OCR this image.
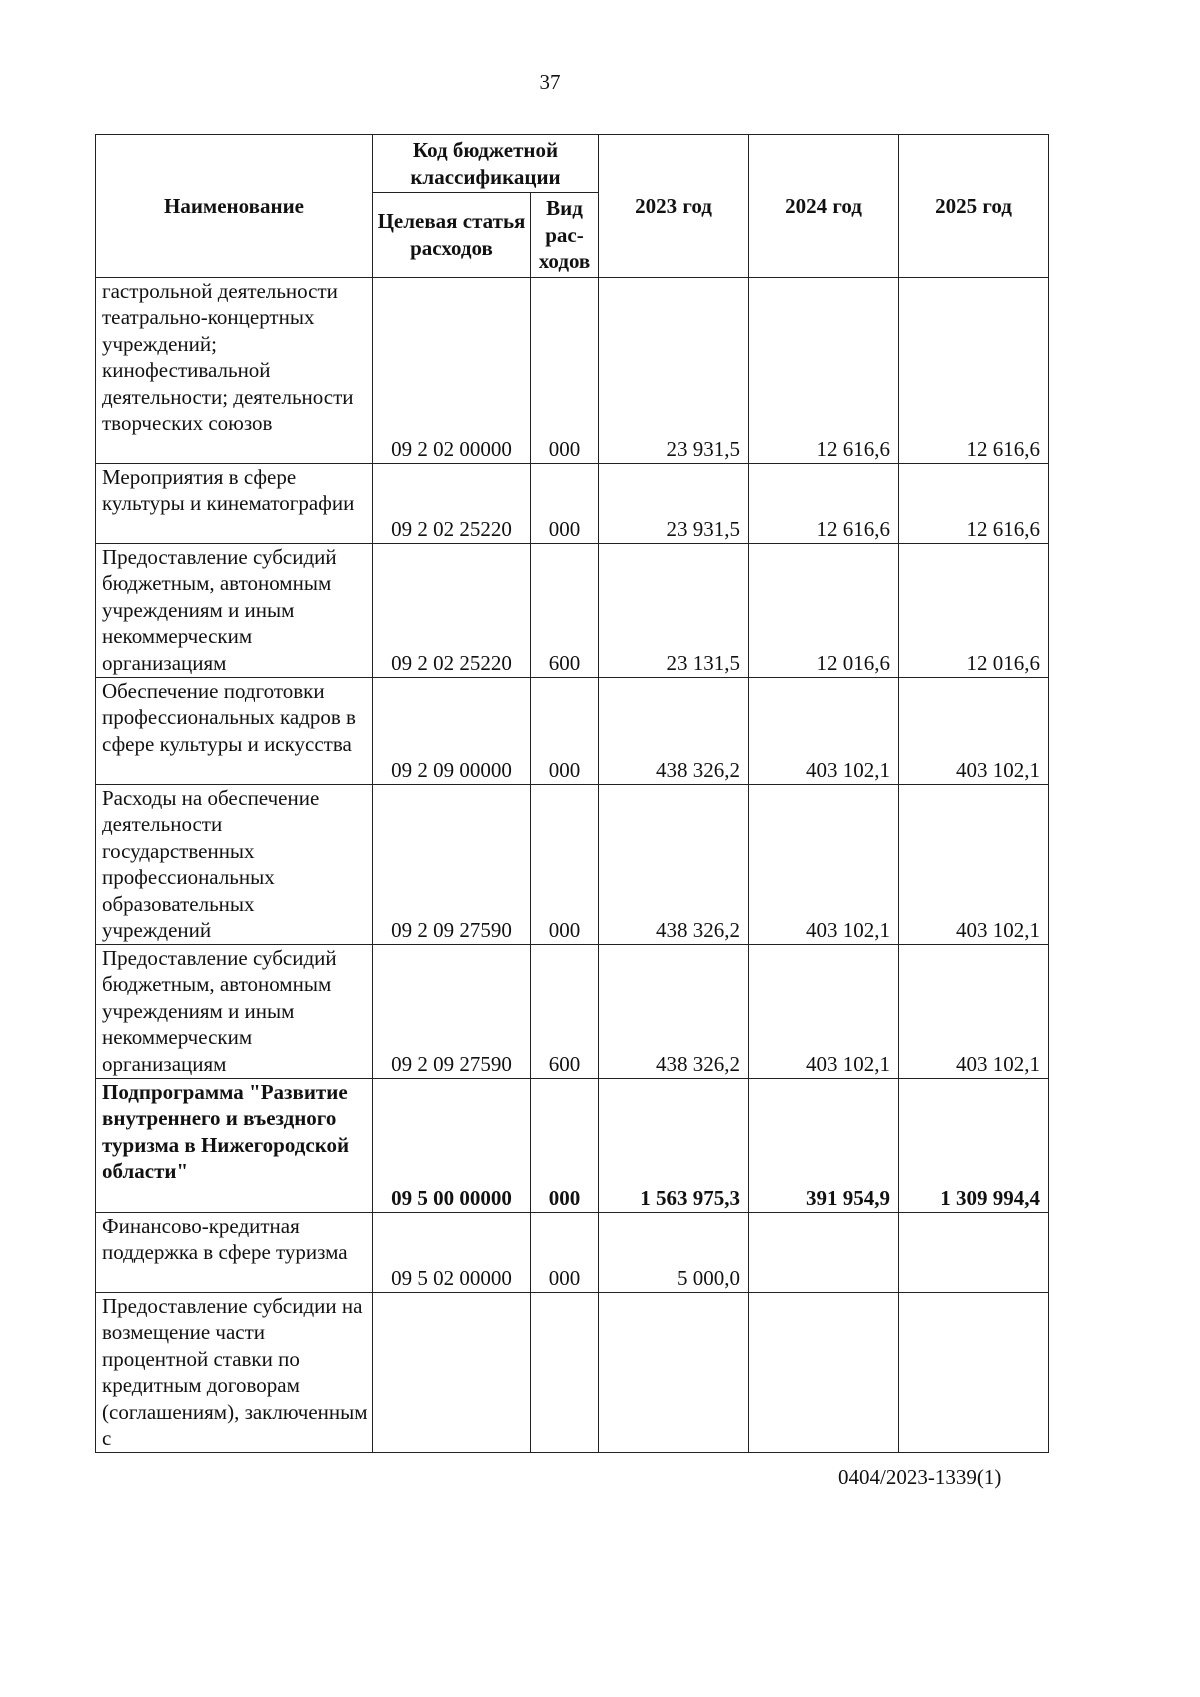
37
Наименование	Код бюджетной классификации		2023 год	2024 год	2025 год
	Целевая статья расходов	Вид рас-ходов			
гастрольной деятельности театрально-концертных учреждений; кинофестивальной деятельности; деятельности творческих союзов	09 2 02 00000	000	23 931,5	12 616,6	12 616,6
Мероприятия в сфере культуры и кинематографии	09 2 02 25220	000	23 931,5	12 616,6	12 616,6
Предоставление субсидий бюджетным, автономным учреждениям и иным некоммерческим организациям	09 2 02 25220	600	23 131,5	12 016,6	12 016,6
Обеспечение подготовки профессиональных кадров в сфере культуры и искусства	09 2 09 00000	000	438 326,2	403 102,1	403 102,1
Расходы на обеспечение деятельности государственных профессиональных образовательных учреждений	09 2 09 27590	000	438 326,2	403 102,1	403 102,1
Предоставление субсидий бюджетным, автономным учреждениям и иным некоммерческим организациям	09 2 09 27590	600	438 326,2	403 102,1	403 102,1
Подпрограмма "Развитие внутреннего и въездного туризма в Нижегородской области"	09 5 00 00000	000	1 563 975,3	391 954,9	1 309 994,4
Финансово-кредитная поддержка в сфере туризма	09 5 02 00000	000	5 000,0		
Предоставление субсидии на возмещение части процентной ставки по кредитным договорам (соглашениям), заключенным с					
0404/2023-1339(1)
